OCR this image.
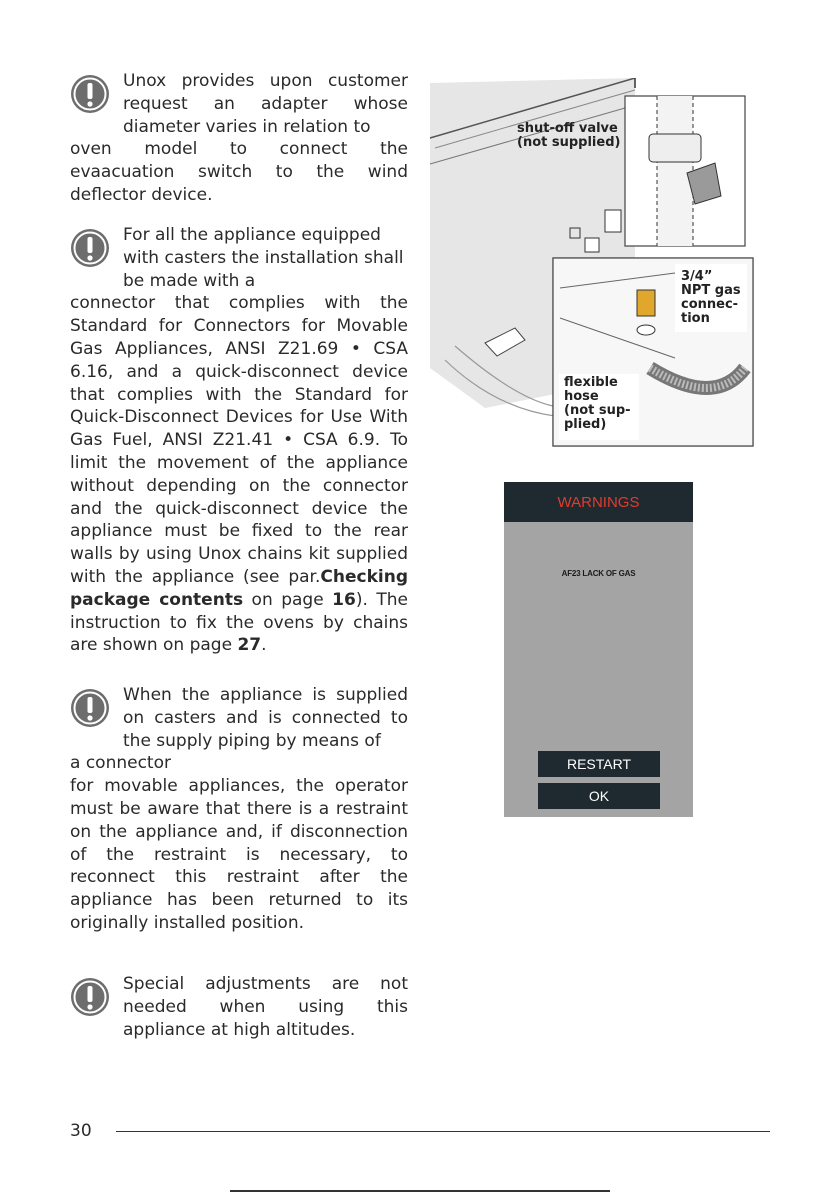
Unox provides upon customer request an adapter whose diameter varies in relation to

oven model to connect the evaacuation switch to the wind deflector device.

For all the appliance equipped with casters the installation shall be made with a

connector that complies with the Standard for Connectors for Movable Gas Appliances, ANSI Z21.69 • CSA 6.16, and a quick-disconnect device that complies with the Standard for Quick-Disconnect Devices for Use With Gas Fuel, ANSI Z21.41 • CSA 6.9. To limit the movement of the appliance without depending on the connector and the quick-disconnect device the appliance must be fixed to the rear walls by using Unox chains kit supplied with the appliance (see par.Checking package contents on page 16). The instruction to fix the ovens by chains are shown on page 27.

When the appliance is supplied on casters and is connected to the supply piping by means of

a connector

for movable appliances, the operator must be aware that there is a restraint on the appliance and, if disconnection of the restraint is necessary, to reconnect this restraint after the appliance has been returned to its originally installed position.

Special adjustments are not needed when using this appliance at high altitudes.

shut-off valve
(not supplied)
3/4”
NPT gas
connec-
tion
flexible
hose
(not sup-
plied)
WARNINGS
AF23 LACK OF GAS
RESTART
OK
30
